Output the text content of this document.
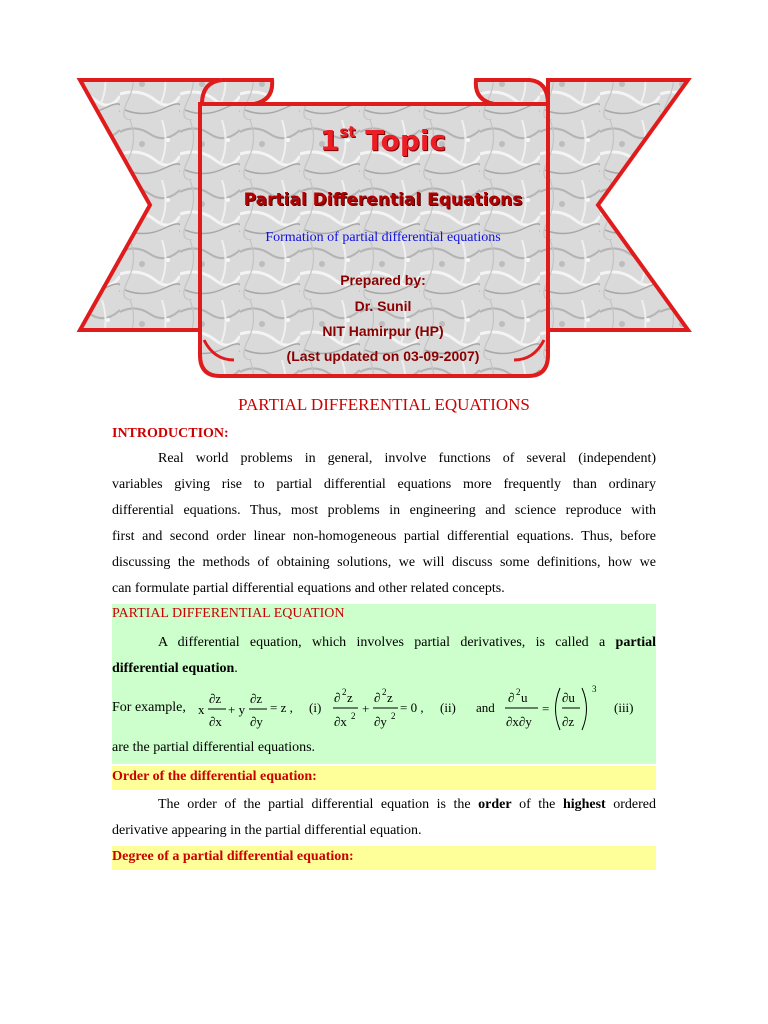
1st Topic
Partial Differential Equations
Formation of partial differential equations
Prepared by:
Dr. Sunil
NIT Hamirpur (HP)
(Last updated on 03-09-2007)
PARTIAL DIFFERENTIAL EQUATIONS
INTRODUCTION:
Real world problems in general, involve functions of several (independent)
variables giving rise to partial differential equations more frequently than ordinary
differential equations. Thus, most problems in engineering and science reproduce with
first and second order linear non-homogeneous partial differential equations. Thus, before
discussing the methods of obtaining solutions, we will discuss some definitions, how we
can formulate partial differential equations and other related concepts.
PARTIAL DIFFERENTIAL EQUATION
A differential equation, which involves partial derivatives, is called a partial
differential equation.
For example, x
∂z
∂x
+ y
∂z
∂y
= z , (i)
∂ 2 z
∂x 2 +
∂ 2 z
∂y 2
= 0 , (ii) and
∂ 2 u
∂x∂y
=
∂u
∂z
3
(iii)
are the partial differential equations.
Order of the differential equation:
The order of the partial differential equation is the order of the highest ordered
derivative appearing in the partial differential equation.
Degree of a partial differential equation:
